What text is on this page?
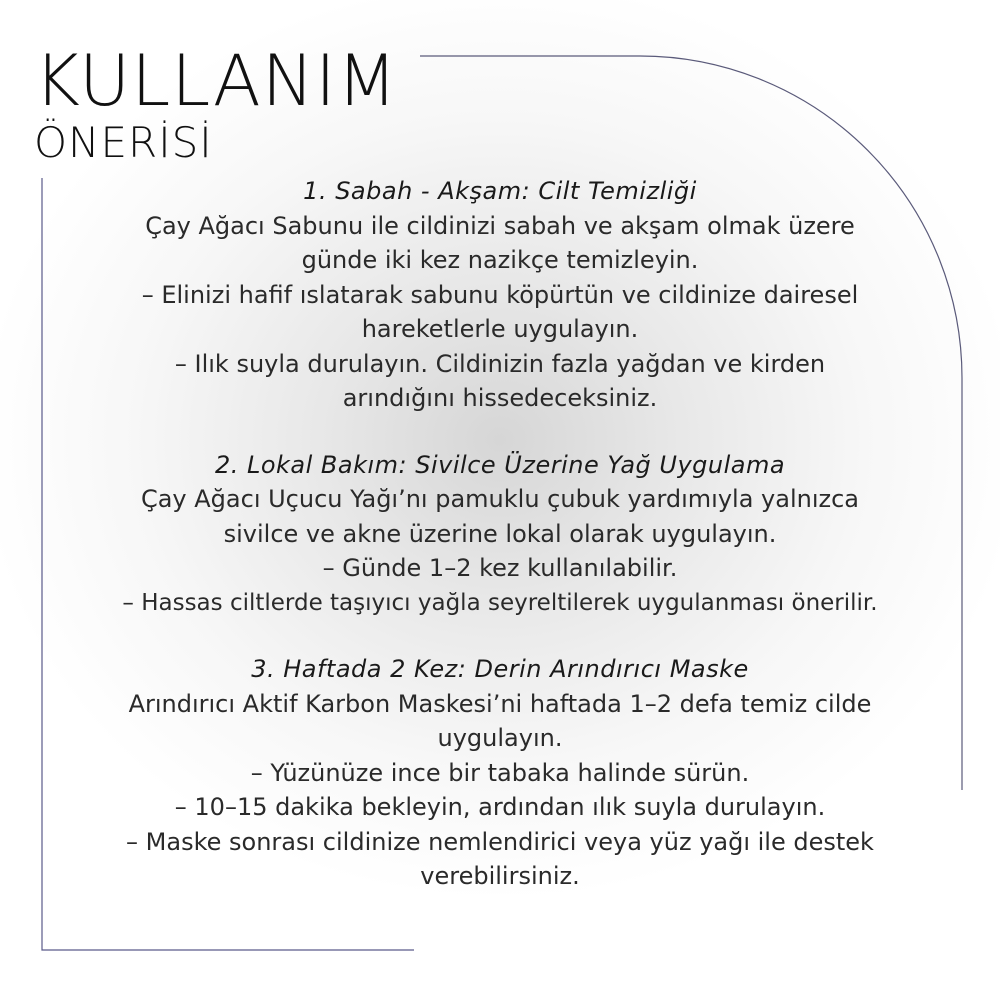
KULLANIM
ÖNERİSİ
1. Sabah - Akşam: Cilt Temizliği
Çay Ağacı Sabunu ile cildinizi sabah ve akşam olmak üzere
günde iki kez nazikçe temizleyin.
– Elinizi hafif ıslatarak sabunu köpürtün ve cildinize dairesel
hareketlerle uygulayın.
– Ilık suyla durulayın. Cildinizin fazla yağdan ve kirden
arındığını hissedeceksiniz.
2. Lokal Bakım: Sivilce Üzerine Yağ Uygulama
Çay Ağacı Uçucu Yağı’nı pamuklu çubuk yardımıyla yalnızca
sivilce ve akne üzerine lokal olarak uygulayın.
– Günde 1–2 kez kullanılabilir.
– Hassas ciltlerde taşıyıcı yağla seyreltilerek uygulanması önerilir.
3. Haftada 2 Kez: Derin Arındırıcı Maske
Arındırıcı Aktif Karbon Maskesi’ni haftada 1–2 defa temiz cilde
uygulayın.
– Yüzünüze ince bir tabaka halinde sürün.
– 10–15 dakika bekleyin, ardından ılık suyla durulayın.
– Maske sonrası cildinize nemlendirici veya yüz yağı ile destek
verebilirsiniz.
